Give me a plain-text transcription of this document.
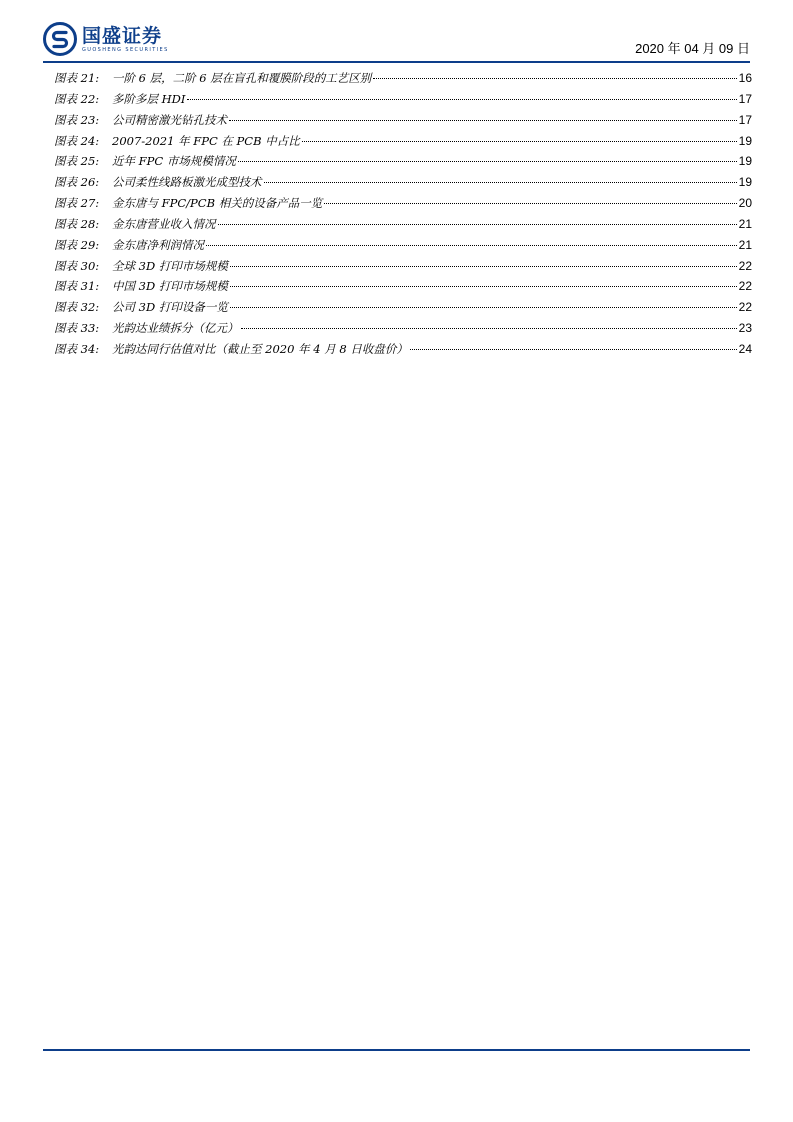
国盛证券
GUOSHENG SECURITIES	2020 年 04 月 09 日
图表 21:	一阶 6 层，二阶 6 层在盲孔和覆膜阶段的工艺区别	16
图表 22:	多阶多层 HDI	17
图表 23:	公司精密激光钻孔技术	17
图表 24:	2007-2021 年 FPC 在 PCB 中占比	19
图表 25:	近年 FPC 市场规模情况	19
图表 26:	公司柔性线路板激光成型技术	19
图表 27:	金东唐与 FPC/PCB 相关的设备产品一览	20
图表 28:	金东唐营业收入情况	21
图表 29:	金东唐净利润情况	21
图表 30:	全球 3D 打印市场规模	22
图表 31:	中国 3D 打印市场规模	22
图表 32:	公司 3D 打印设备一览	22
图表 33:	光韵达业绩拆分（亿元）	23
图表 34:	光韵达同行估值对比（截止至 2020 年 4 月 8 日收盘价）	24
